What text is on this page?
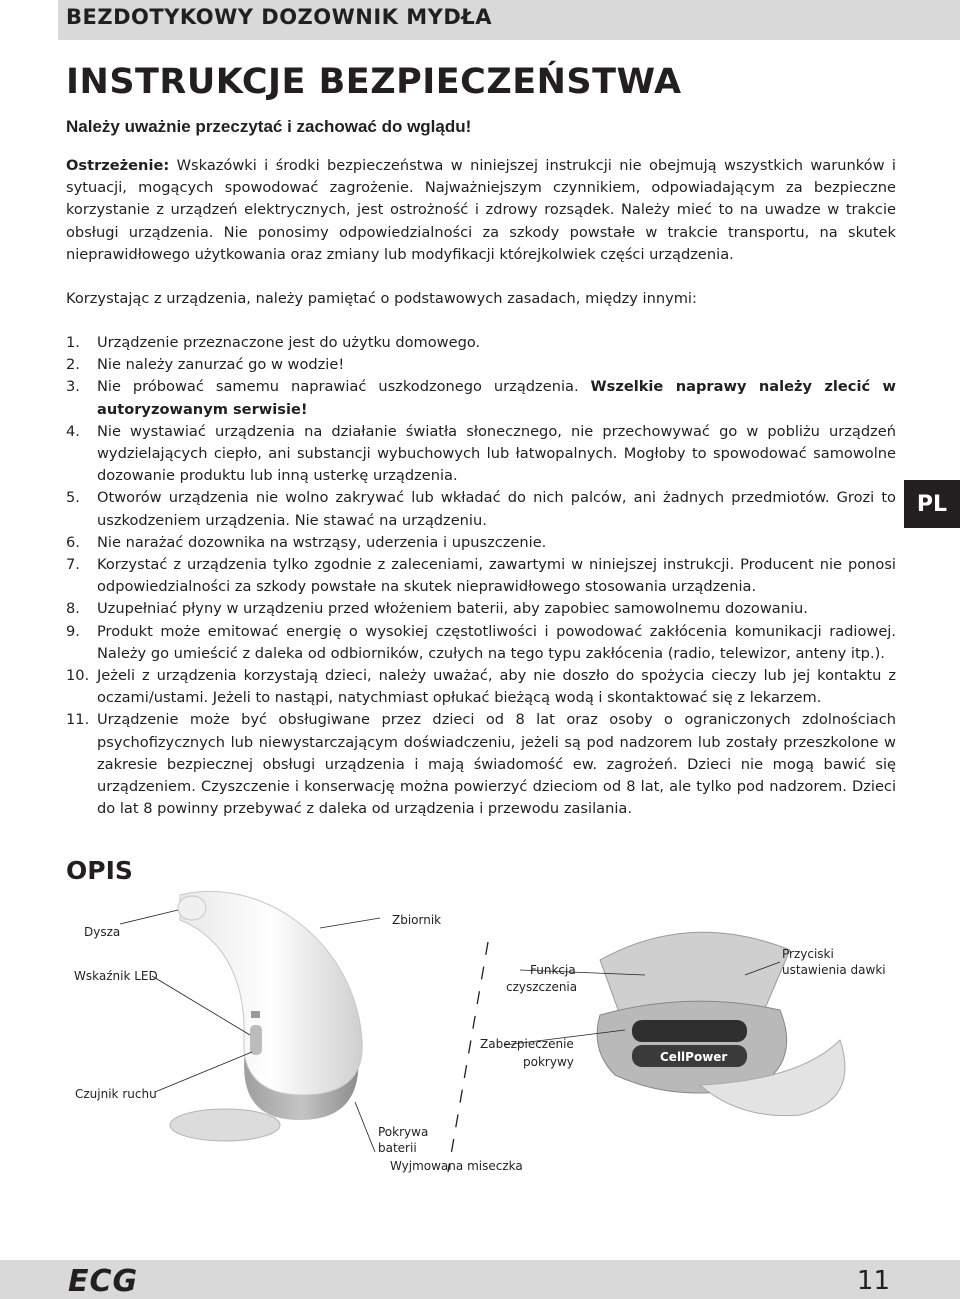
BEZDOTYKOWY DOZOWNIK MYDŁA
INSTRUKCJE BEZPIECZEŃSTWA
Należy uważnie przeczytać i zachować do wglądu!
Ostrzeżenie: Wskazówki i środki bezpieczeństwa w niniejszej instrukcji nie obejmują wszystkich warunków i sytuacji, mogących spowodować zagrożenie. Najważniejszym czynnikiem, odpowiadającym za bezpieczne korzystanie z urządzeń elektrycznych, jest ostrożność i zdrowy rozsądek. Należy mieć to na uwadze w trakcie obsługi urządzenia. Nie ponosimy odpowiedzialności za szkody powstałe w trakcie transportu, na skutek nieprawidłowego użytkowania oraz zmiany lub modyfikacji którejkolwiek części urządzenia.
Korzystając z urządzenia, należy pamiętać o podstawowych zasadach, między innymi:
1. Urządzenie przeznaczone jest do użytku domowego.
2. Nie należy zanurzać go w wodzie!
3. Nie próbować samemu naprawiać uszkodzonego urządzenia. Wszelkie naprawy należy zlecić w autoryzowanym serwisie!
4. Nie wystawiać urządzenia na działanie światła słonecznego, nie przechowywać go w pobliżu urządzeń wydzielających ciepło, ani substancji wybuchowych lub łatwopalnych. Mogłoby to spowodować samowolne dozowanie produktu lub inną usterkę urządzenia.
5. Otworów urządzenia nie wolno zakrywać lub wkładać do nich palców, ani żadnych przedmiotów. Grozi to uszkodzeniem urządzenia. Nie stawać na urządzeniu.
6. Nie narażać dozownika na wstrząsy, uderzenia i upuszczenie.
7. Korzystać z urządzenia tylko zgodnie z zaleceniami, zawartymi w niniejszej instrukcji. Producent nie ponosi odpowiedzialności za szkody powstałe na skutek nieprawidłowego stosowania urządzenia.
8. Uzupełniać płyny w urządzeniu przed włożeniem baterii, aby zapobiec samowolnemu dozowaniu.
9. Produkt może emitować energię o wysokiej częstotliwości i powodować zakłócenia komunikacji radiowej. Należy go umieścić z daleka od odbiorników, czułych na tego typu zakłócenia (radio, telewizor, anteny itp.).
10. Jeżeli z urządzenia korzystają dzieci, należy uważać, aby nie doszło do spożycia cieczy lub jej kontaktu z oczami/ustami. Jeżeli to nastąpi, natychmiast opłukać bieżącą wodą i skontaktować się z lekarzem.
11. Urządzenie może być obsługiwane przez dzieci od 8 lat oraz osoby o ograniczonych zdolnościach psychofizycznych lub niewystarczającym doświadczeniu, jeżeli są pod nadzorem lub zostały przeszkolone w zakresie bezpiecznej obsługi urządzenia i mają świadomość ew. zagrożeń. Dzieci nie mogą bawić się urządzeniem. Czyszczenie i konserwację można powierzyć dzieciom od 8 lat, ale tylko pod nadzorem. Dzieci do lat 8 powinny przebywać z daleka od urządzenia i przewodu zasilania.
PL
OPIS
CellPower
Dysza
Wskaźnik LED
Czujnik ruchu
Zbiornik
Funkcja
czyszczenia
Zabezpieczenie
pokrywy
Przyciski
ustawienia dawki
Pokrywa
baterii
Wyjmowana miseczka
ECG	11
